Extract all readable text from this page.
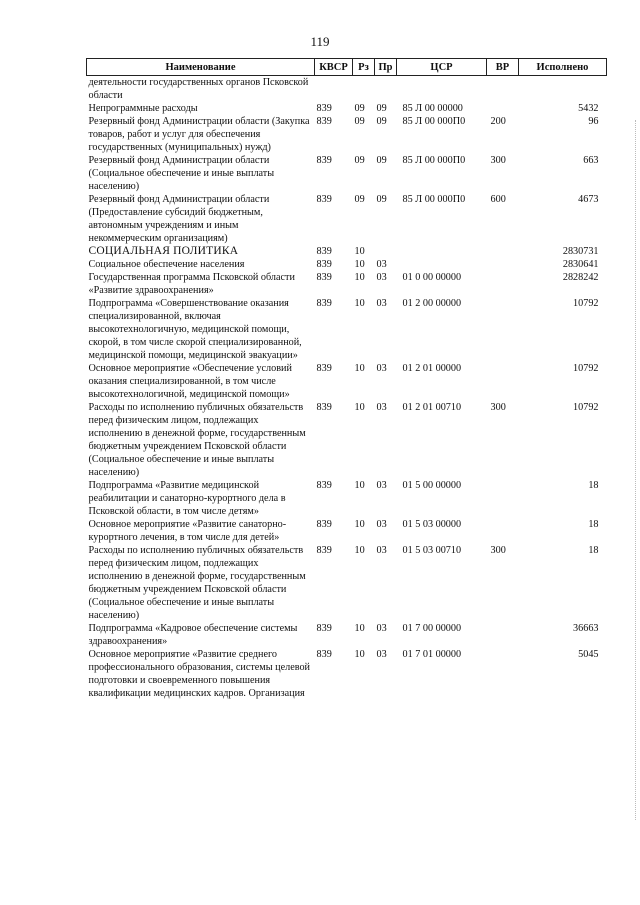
119
Наименование	КВСР	Рз	Пр	ЦСР	ВР	Исполнено
деятельности государственных органов Псковской области						
Непрограммные расходы	839	09	09	85 Л 00 00000		5432
Резервный фонд Администрации области (Закупка товаров, работ и услуг для обеспечения государственных (муниципальных) нужд)	839	09	09	85 Л 00 000П0	200	96
Резервный фонд Администрации области (Социальное обеспечение и иные выплаты населению)	839	09	09	85 Л 00 000П0	300	663
Резервный фонд Администрации области (Предоставление субсидий бюджетным, автономным учреждениям и иным некоммерческим организациям)	839	09	09	85 Л 00 000П0	600	4673
СОЦИАЛЬНАЯ ПОЛИТИКА	839	10				2830731
Социальное обеспечение населения	839	10	03			2830641
Государственная программа Псковской области «Развитие здравоохранения»	839	10	03	01 0 00 00000		2828242
Подпрограмма «Совершенствование оказания специализированной, включая высокотехнологичную, медицинской помощи, скорой, в том числе скорой специализированной, медицинской помощи, медицинской эвакуации»	839	10	03	01 2 00 00000		10792
Основное мероприятие «Обеспечение условий оказания специализированной, в том числе высокотехнологичной, медицинской помощи»	839	10	03	01 2 01 00000		10792
Расходы по исполнению публичных обязательств перед физическим лицом, подлежащих исполнению в денежной форме, государственным бюджетным учреждением Псковской области (Социальное обеспечение и иные выплаты населению)	839	10	03	01 2 01 00710	300	10792
Подпрограмма «Развитие медицинской реабилитации и санаторно-курортного дела в Псковской области, в том числе детям»	839	10	03	01 5 00 00000		18
Основное мероприятие «Развитие санаторно-курортного лечения, в том числе для детей»	839	10	03	01 5 03 00000		18
Расходы по исполнению публичных обязательств перед физическим лицом, подлежащих исполнению в денежной форме, государственным бюджетным учреждением Псковской области (Социальное обеспечение и иные выплаты населению)	839	10	03	01 5 03 00710	300	18
Подпрограмма «Кадровое обеспечение системы здравоохранения»	839	10	03	01 7 00 00000		36663
Основное мероприятие «Развитие среднего профессионального образования, системы целевой подготовки и своевременного повышения квалификации медицинских кадров. Организация	839	10	03	01 7 01 00000		5045
